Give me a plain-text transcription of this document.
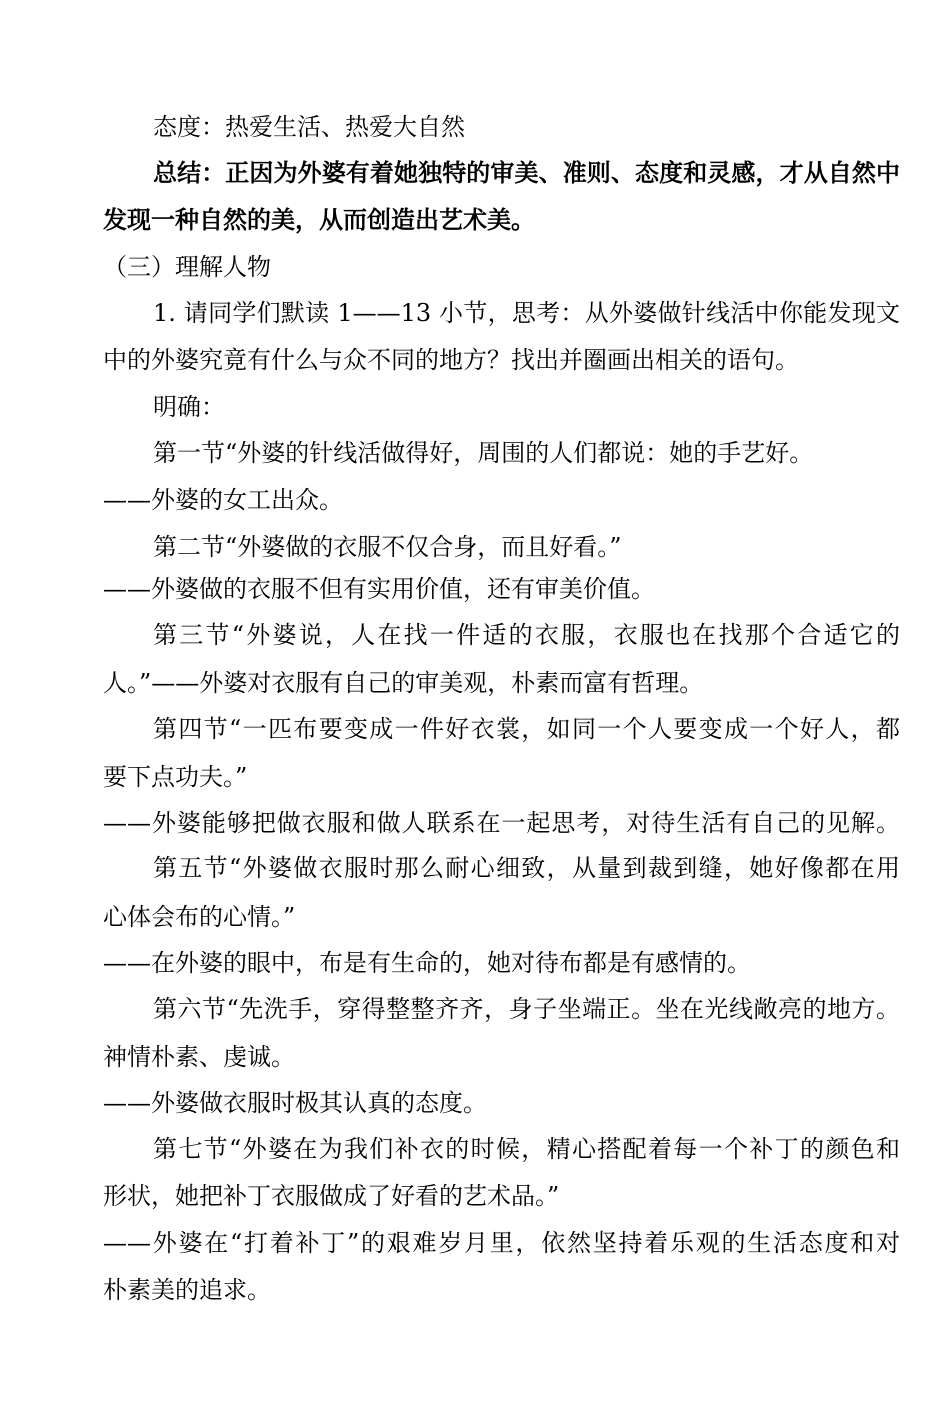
态度：热爱生活、热爱大自然
总结：正因为外婆有着她独特的审美、准则、态度和灵感，才从自然中
发现一种自然的美，从而创造出艺术美。
（三）理解人物
1. 请同学们默读 1——13 小节，思考：从外婆做针线活中你能发现文
中的外婆究竟有什么与众不同的地方？找出并圈画出相关的语句。
明确：
第一节“外婆的针线活做得好，周围的人们都说：她的手艺好。
——外婆的女工出众。
第二节“外婆做的衣服不仅合身，而且好看。”
——外婆做的衣服不但有实用价值，还有审美价值。
第三节“外婆说，人在找一件适的衣服，衣服也在找那个合适它的
人。”——外婆对衣服有自己的审美观，朴素而富有哲理。
第四节“一匹布要变成一件好衣裳，如同一个人要变成一个好人，都
要下点功夫。”
——外婆能够把做衣服和做人联系在一起思考，对待生活有自己的见解。
第五节“外婆做衣服时那么耐心细致，从量到裁到缝，她好像都在用
心体会布的心情。”
——在外婆的眼中，布是有生命的，她对待布都是有感情的。
第六节“先洗手，穿得整整齐齐，身子坐端正。坐在光线敞亮的地方。
神情朴素、虔诚。
——外婆做衣服时极其认真的态度。
第七节“外婆在为我们补衣的时候，精心搭配着每一个补丁的颜色和
形状，她把补丁衣服做成了好看的艺术品。”
——外婆在“打着补丁”的艰难岁月里，依然坚持着乐观的生活态度和对
朴素美的追求。
